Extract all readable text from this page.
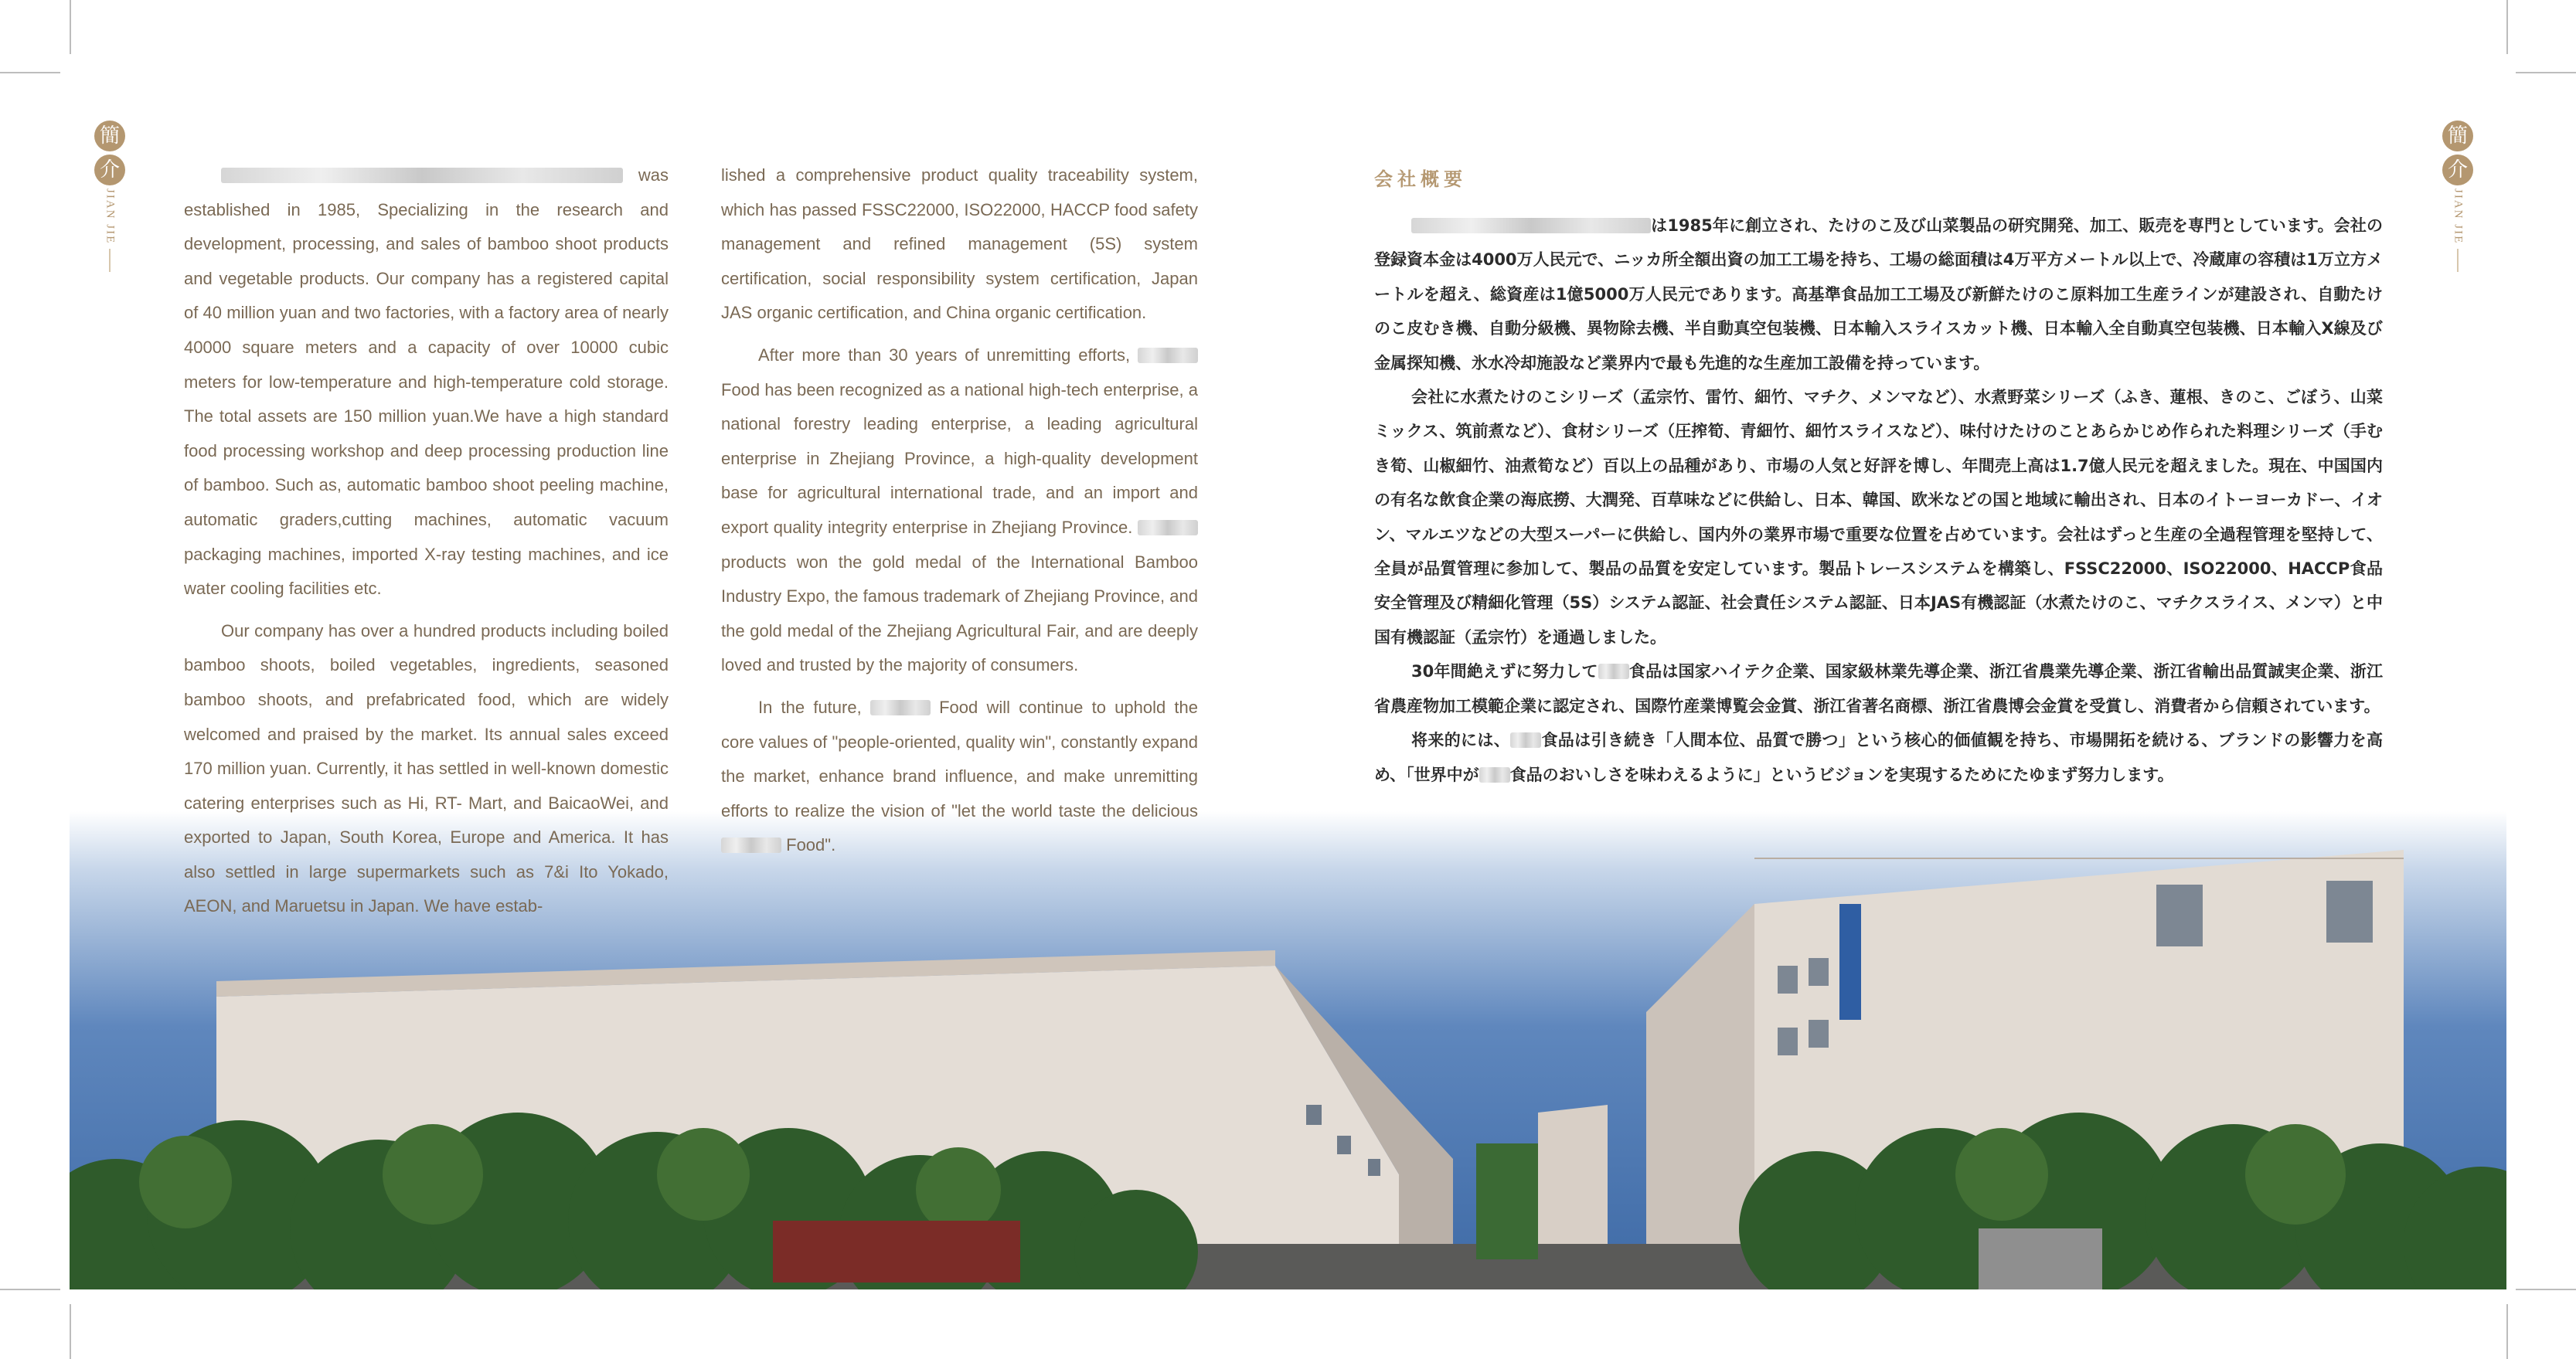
簡
介
JIAN JIE
簡
介
JIAN JIE

was established in 1985, Specializing in the research and development, processing, and sales of bamboo shoot products and vegetable products. Our company has a registered capital of 40 million yuan and two factories, with a factory area of nearly 40000 square meters and a capacity of over 10000 cubic meters for low-temperature and high-temperature cold storage. The total assets are 150 million yuan.We have a high standard food processing workshop and deep processing production line of bamboo. Such as, automatic bamboo shoot peeling machine, automatic graders,cutting machines, automatic vacuum packaging machines, imported X-ray testing machines, and ice water cooling facilities etc.

Our company has over a hundred products including boiled bamboo shoots, boiled vegetables, ingredients, seasoned bamboo shoots, and prefabricated food, which are widely welcomed and praised by the market. Its annual sales exceed 170 million yuan. Currently, it has settled in well-known domestic catering enterprises such as Hi, RT- Mart, and BaicaoWei, and exported to Japan, South Korea, Europe and America. It has also settled in large supermarkets such as 7&i Ito Yokado, AEON, and Maruetsu in Japan. We have estab-

lished a comprehensive product quality traceability system, which has passed FSSC22000, ISO22000, HACCP food safety management and refined management (5S) system certification, social responsibility system certification, Japan JAS organic certification, and China organic certification.

After more than 30 years of unremitting efforts,  Food has been recognized as a national high-tech enterprise, a national forestry leading enterprise, a leading agricultural enterprise in Zhejiang Province, a high-quality development base for agricultural international trade, and an import and export quality integrity enterprise in Zhejiang Province.  products won the gold medal of the International Bamboo Industry Expo, the famous trademark of Zhejiang Province, and the gold medal of the Zhejiang Agricultural Fair, and are deeply loved and trusted by the majority of consumers.

In the future,	Food will continue to uphold the core values of "people-oriented, quality win", constantly expand the market, enhance brand influence, and make unremitting efforts to realize the vision of "let the world taste the delicious  Food".

会社概要

は1985年に創立され、たけのこ及び山菜製品の研究開発、加工、販売を専門としています。会社の登録資本金は4000万人民元で、ニッカ所全額出資の加工工場を持ち、工場の総面積は4万平方メートル以上で、冷蔵庫の容積は1万立方メートルを超え、総資産は1億5000万人民元であります。高基準食品加工工場及び新鮮たけのこ原料加工生産ラインが建設され、自動たけのこ皮むき機、自動分級機、異物除去機、半自動真空包装機、日本輸入スライスカット機、日本輸入全自動真空包装機、日本輸入X線及び金属探知機、氷水冷却施設など業界内で最も先進的な生産加工設備を持っています。

会社に水煮たけのこシリーズ（孟宗竹、雷竹、細竹、マチク、メンマなど）、水煮野菜シリーズ（ふき、蓮根、きのこ、ごぼう、山菜ミックス、筑前煮など）、食材シリーズ（圧搾筍、青細竹、細竹スライスなど）、味付けたけのことあらかじめ作られた料理シリーズ（手むき筍、山椒細竹、油煮筍など）百以上の品種があり、市場の人気と好評を博し、年間売上高は1.7億人民元を超えました。現在、中国国内の有名な飲食企業の海底撈、大潤発、百草味などに供給し、日本、韓国、欧米などの国と地域に輸出され、日本のイトーヨーカドー、イオン、マルエツなどの大型スーパーに供給し、国内外の業界市場で重要な位置を占めています。会社はずっと生産の全過程管理を堅持して、全員が品質管理に参加して、製品の品質を安定しています。製品トレースシステムを構築し、FSSC22000、ISO22000、HACCP食品安全管理及び精細化管理（5S）システム認証、社会責任システム認証、日本JAS有機認証（水煮たけのこ、マチクスライス、メンマ）と中国有機認証（孟宗竹）を通過しました。

30年間絶えずに努力して 食品は国家ハイテク企業、国家級林業先導企業、浙江省農業先導企業、浙江省輸出品質誠実企業、浙江省農産物加工模範企業に認定され、国際竹産業博覧会金賞、浙江省著名商標、浙江省農博会金賞を受賞し、消費者から信頼されています。

将来的には、 食品は引き続き「人間本位、品質で勝つ」という核心的価値観を持ち、市場開拓を続ける、ブランドの影響力を高め、「世界中が 食品のおいしさを味わえるように」というビジョンを実現するためにたゆまず努力します。
